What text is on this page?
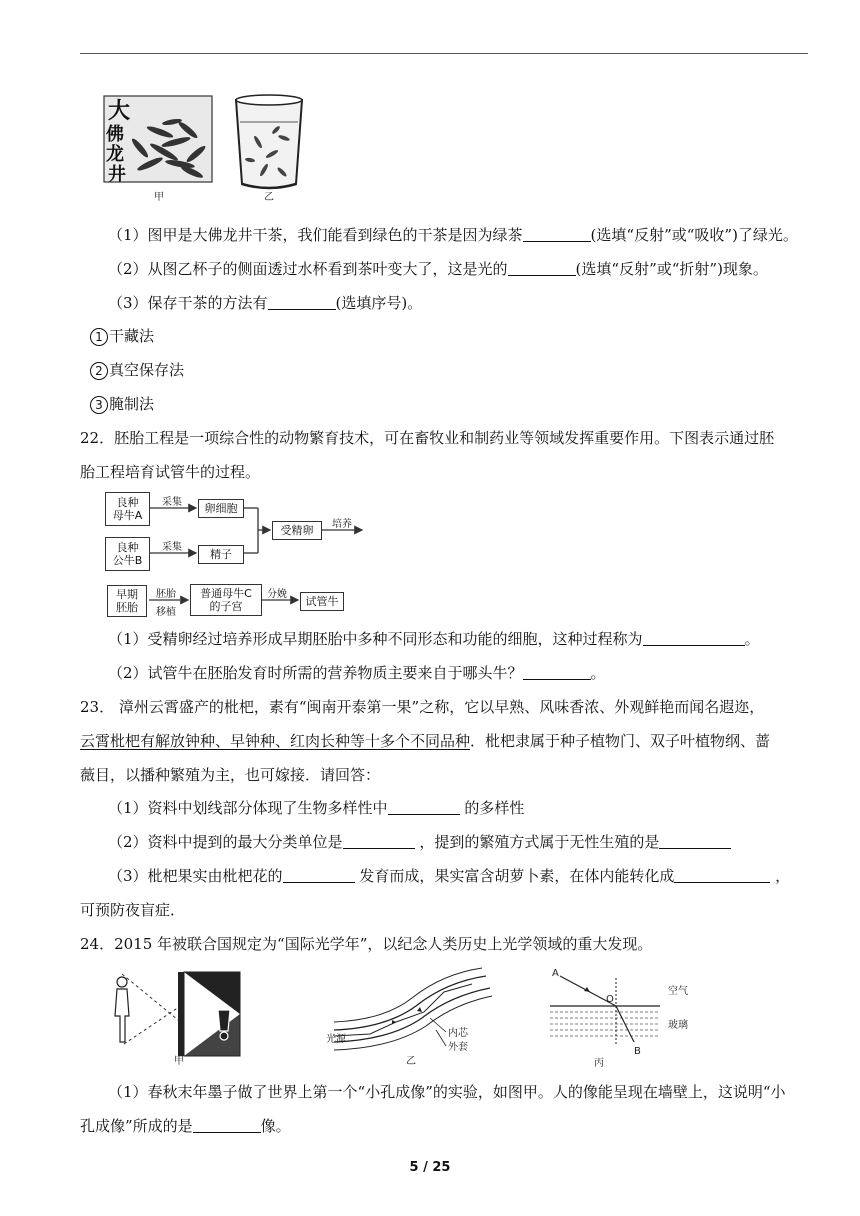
大
佛
龙
井
甲	乙
（1）图甲是大佛龙井干茶，我们能看到绿色的干茶是因为绿茶	(选填“反射”或“吸收”)了绿光。
（2）从图乙杯子的侧面透过水杯看到茶叶变大了，这是光的	(选填“反射”或“折射”)现象。
（3）保存干茶的方法有	(选填序号)。
1 干藏法
2 真空保存法
3 腌制法
22．胚胎工程是一项综合性的动物繁育技术，可在畜牧业和制药业等领域发挥重要作用。下图表示通过胚
胎工程培育试管牛的过程。
良种
母牛A
良种
公牛B
卵细胞
精子
受精卵
采集
采集
培养
早期
胚胎
胚胎
移植
普通母牛C
的子宫
分娩
试管牛
（1）受精卵经过培养形成早期胚胎中多种不同形态和功能的细胞，这种过程称为	。
（2）试管牛在胚胎发育时所需的营养物质主要来自于哪头牛？	。
23． 漳州云霄盛产的枇杷，素有“闽南开泰第一果”之称，它以早熟、风味香浓、外观鲜艳而闻名遐迩，
云霄枇杷有解放钟种、早钟种、红肉长种等十多个不同品种．枇杷隶属于种子植物门、双子叶植物纲、蔷
薇目，以播种繁殖为主，也可嫁接．请回答：
（1）资料中划线部分体现了生物多样性中	的多样性
（2）资料中提到的最大分类单位是	，提到的繁殖方式属于无性生殖的是
（3）枇杷果实由枇杷花的	发育而成，果实富含胡萝卜素，在体内能转化成	，
可预防夜盲症．
24．2015 年被联合国规定为“国际光学年”，以纪念人类历史上光学领域的重大发现。
甲
光源
内芯
外套
乙
A
O
B
空气
玻璃
丙
（1）春秋末年墨子做了世界上第一个“小孔成像”的实验，如图甲。人的像能呈现在墙壁上，这说明“小
孔成像”所成的是	像。
5 / 25
